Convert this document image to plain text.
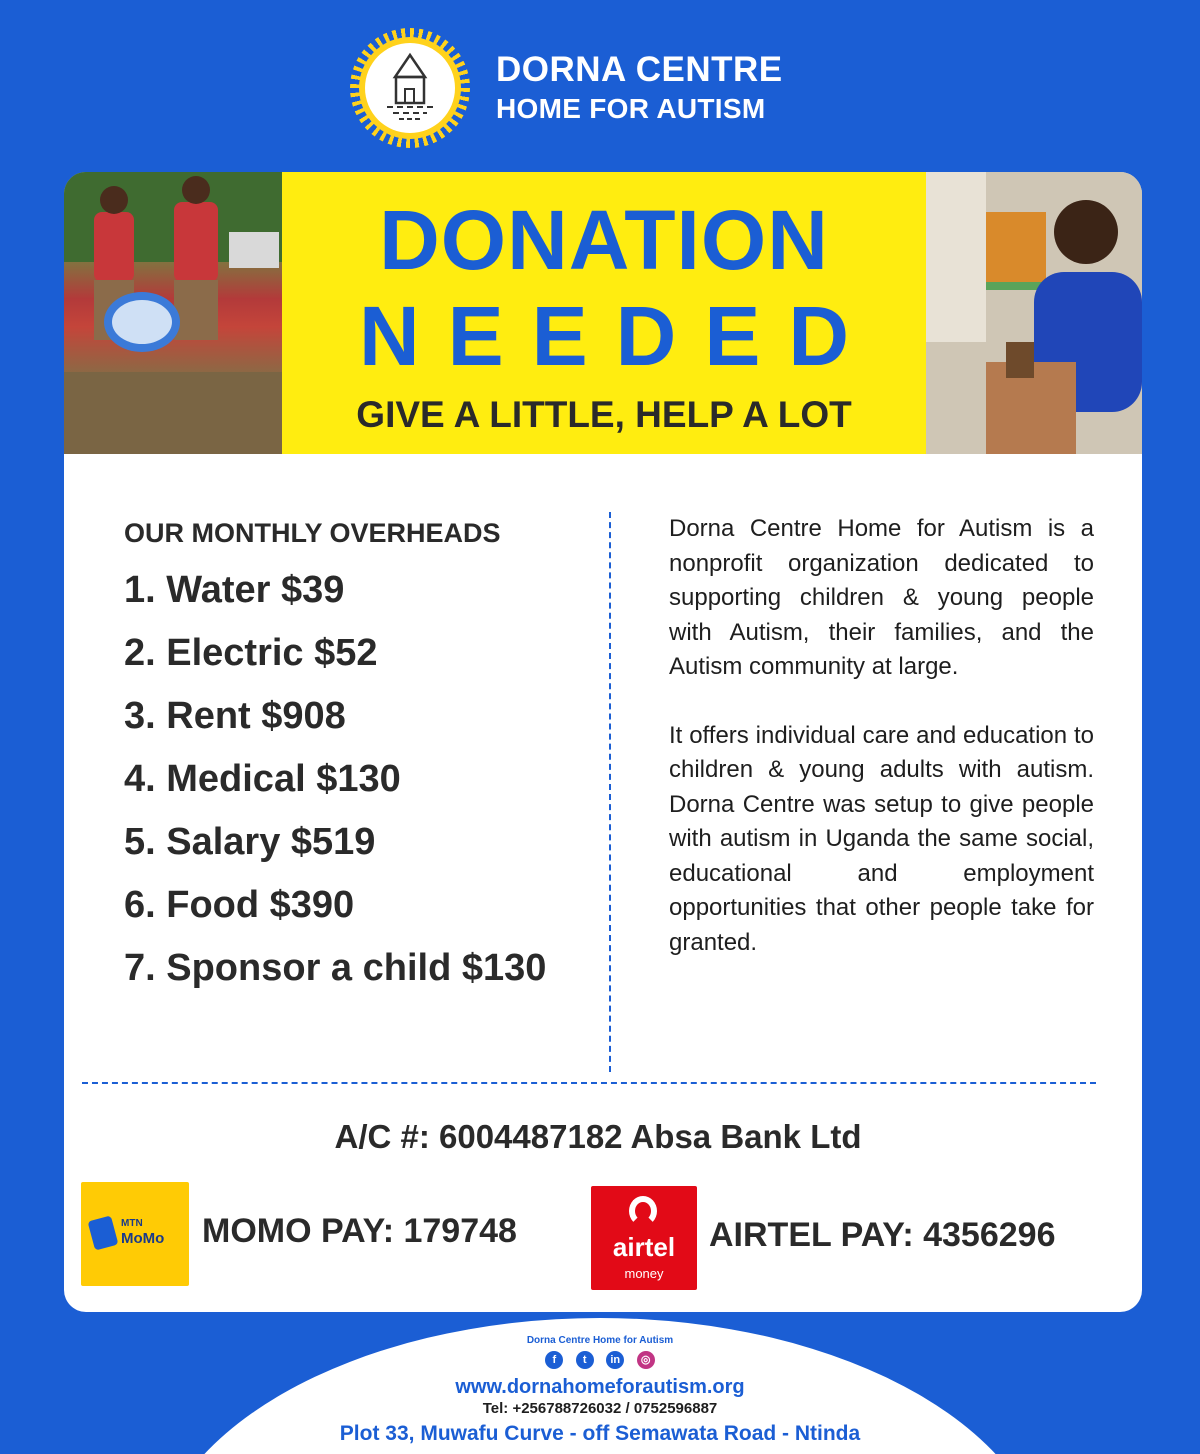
DORNA CENTRE
HOME FOR AUTISM
DONATION
NEEDED
GIVE A LITTLE, HELP A LOT
OUR MONTHLY OVERHEADS
1. Water $39
2. Electric $52
3. Rent $908
4. Medical $130
5. Salary $519
6. Food $390
7. Sponsor a child $130

Dorna Centre Home for Autism is a nonprofit organization dedicated to supporting children & young people with Autism, their families, and the Autism community at large.

It offers individual care and education to children & young adults with autism. Dorna Centre was setup to give people with autism in Uganda the same social, educational and employment opportunities that other people take for granted.

A/C #: 6004487182 Absa Bank Ltd
MTN
MoMo MOMO PAY: 179748	airtel
money
AIRTEL PAY: 4356296
Dorna Centre Home for Autism
f t in ◎
www.dornahomeforautism.org
Tel: +256788726032 / 0752596887
Plot 33, Muwafu Curve - off Semawata Road - Ntinda
